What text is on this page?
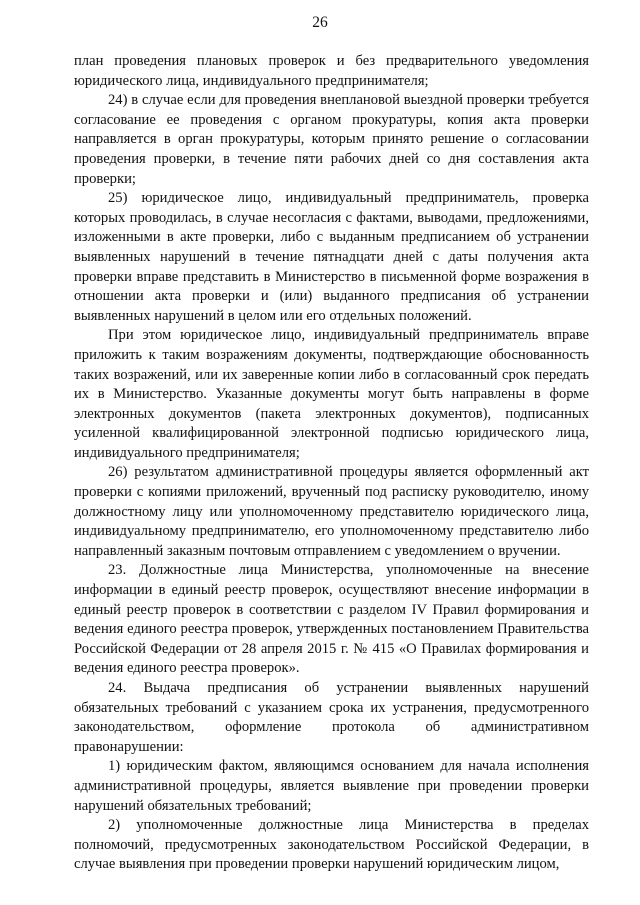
26

план проведения плановых проверок и без предварительного уведомления юридического лица, индивидуального предпринимателя;

24) в случае если для проведения внеплановой выездной проверки требуется согласование ее проведения с органом прокуратуры, копия акта проверки направляется в орган прокуратуры, которым принято решение о согласовании проведения проверки, в течение пяти рабочих дней со дня составления акта проверки;

25) юридическое лицо, индивидуальный предприниматель, проверка которых проводилась, в случае несогласия с фактами, выводами, предложениями, изложенными в акте проверки, либо с выданным предписанием об устранении выявленных нарушений в течение пятнадцати дней с даты получения акта проверки вправе представить в Министерство в письменной форме возражения в отношении акта проверки и (или) выданного предписания об устранении выявленных нарушений в целом или его отдельных положений.

При этом юридическое лицо, индивидуальный предприниматель вправе приложить к таким возражениям документы, подтверждающие обоснованность таких возражений, или их заверенные копии либо в согласованный срок передать их в Министерство. Указанные документы могут быть направлены в форме электронных документов (пакета электронных документов), подписанных усиленной квалифицированной электронной подписью юридического лица, индивидуального предпринимателя;

26) результатом административной процедуры является оформленный акт проверки с копиями приложений, врученный под расписку руководителю, иному должностному лицу или уполномоченному представителю юридического лица, индивидуальному предпринимателю, его уполномоченному представителю либо направленный заказным почтовым отправлением с уведомлением о вручении.

23. Должностные лица Министерства, уполномоченные на внесение информации в единый реестр проверок, осуществляют внесение информации в единый реестр проверок в соответствии с разделом IV Правил формирования и ведения единого реестра проверок, утвержденных постановлением Правительства Российской Федерации от 28 апреля 2015 г. № 415 «О Правилах формирования и ведения единого реестра проверок».

24. Выдача предписания об устранении выявленных нарушений обязательных требований с указанием срока их устранения, предусмотренного законодательством, оформление протокола об административном правонарушении:

1) юридическим фактом, являющимся основанием для начала исполнения административной процедуры, является выявление при проведении проверки нарушений обязательных требований;

2) уполномоченные должностные лица Министерства в пределах полномочий, предусмотренных законодательством Российской Федерации, в случае выявления при проведении проверки нарушений юридическим лицом,
